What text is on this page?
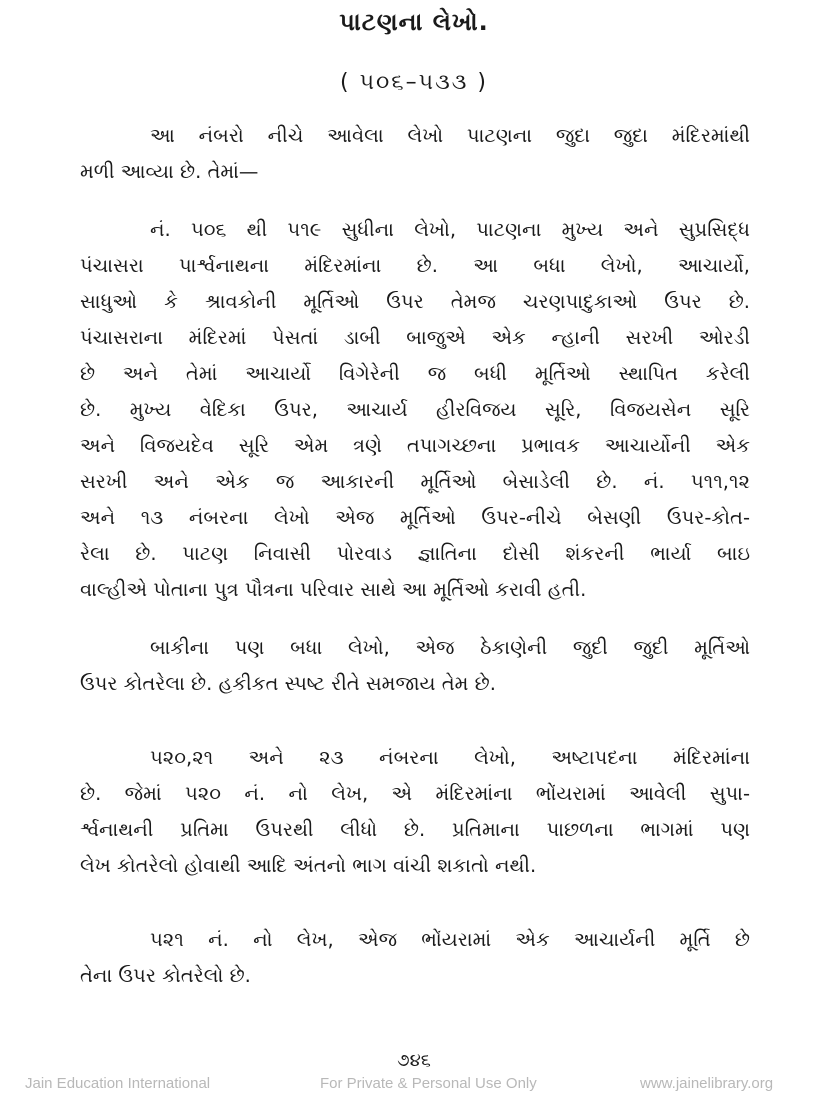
પાટણના લેખો.
( ૫૦૬–૫૩૩ )
આ નંબરો નીચે આવેલા લેખો પાટણના જુદા જુદા મંદિરમાંથી
મળી આવ્યા છે. તેમાં—
નં. ૫૦૬ થી ૫૧૯ સુધીના લેખો, પાટણના મુખ્ય અને સુપ્રસિદ્ધ
પંચાસરા પાર્શ્વનાથના મંદિરમાંના છે. આ બધા લેખો, આચાર્યો,
સાધુઓ કે શ્રાવકોની મૂર્તિઓ ઉપર તેમજ ચરણપાદુકાઓ ઉપર છે.
પંચાસરાના મંદિરમાં પેસતાં ડાબી બાજુએ એક ન્હાની સરખી ઓરડી
છે અને તેમાં આચાર્યો વિગેરેની જ બધી મૂર્તિઓ સ્થાપિત કરેલી
છે. મુખ્ય વેદિકા ઉપર, આચાર્ય હીરવિજય સૂરિ, વિજયસેન સૂરિ
અને વિજયદેવ સૂરિ એમ ત્રણે તપાગચ્છના પ્રભાવક આચાર્યોની એક
સરખી અને એક જ આકારની મૂર્તિઓ બેસાડેલી છે. નં. ૫૧૧,૧૨
અને ૧૩ નંબરના લેખો એજ મૂર્તિઓ ઉપર-નીચે બેસણી ઉપર-કોત-
રેલા છે. પાટણ નિવાસી પોરવાડ જ્ઞાતિના દોસી શંકરની ભાર્યા બાઇ
વાલ્હીએ પોતાના પુત્ર પૌત્રના પરિવાર સાથે આ મૂર્તિઓ કરાવી હતી.
બાકીના પણ બધા લેખો, એજ ઠેકાણેની જુદી જુદી મૂર્તિઓ
ઉપર કોતરેલા છે. હકીકત સ્પષ્ટ રીતે સમજાય તેમ છે.
૫૨૦,૨૧ અને ૨૩ નંબરના લેખો, અષ્ટાપદના મંદિરમાંના
છે. જેમાં ૫૨૦ નં. નો લેખ, એ મંદિરમાંના ભોંયરામાં આવેલી સુપા-
ર્શ્વનાથની પ્રતિમા ઉપરથી લીધો છે. પ્રતિમાના પાછળના ભાગમાં પણ
લેખ કોતરેલો હોવાથી આદિ અંતનો ભાગ વાંચી શકાતો નથી.
૫૨૧ નં. નો લેખ, એજ ભોંયરામાં એક આચાર્યની મૂર્તિ છે
તેના ઉપર કોતરેલો છે.
૭૪૬
Jain Education International	For Private & Personal Use Only	www.jainelibrary.org
